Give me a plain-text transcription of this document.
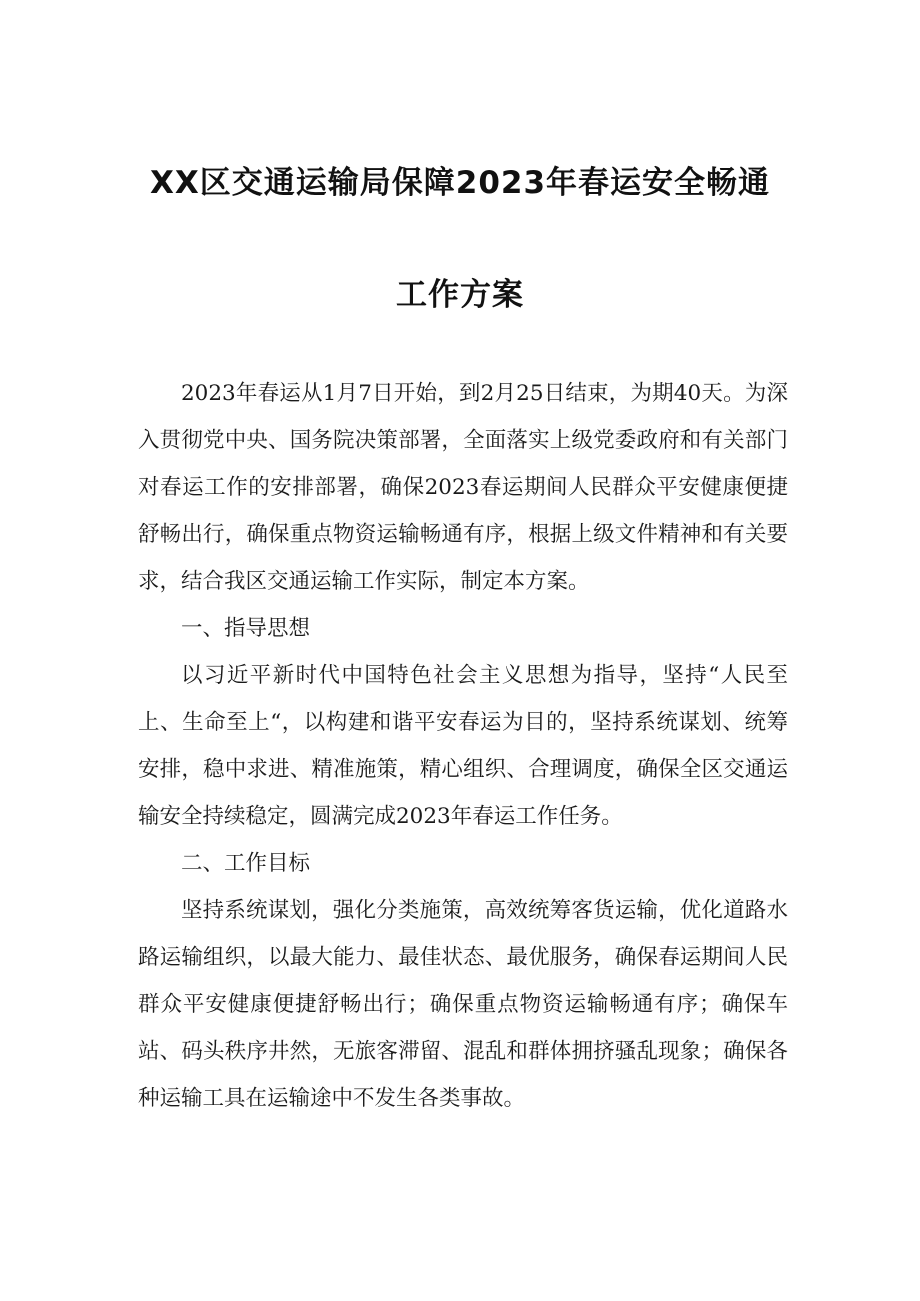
XX区交通运输局保障2023年春运安全畅通
工作方案

2023年春运从1月7日开始，到2月25日结束，为期40天。为深入贯彻党中央、国务院决策部署，全面落实上级党委政府和有关部门对春运工作的安排部署，确保2023春运期间人民群众平安健康便捷舒畅出行，确保重点物资运输畅通有序，根据上级文件精神和有关要求，结合我区交通运输工作实际，制定本方案。

一、指导思想

以习近平新时代中国特色社会主义思想为指导，坚持“人民至上、生命至上“，以构建和谐平安春运为目的，坚持系统谋划、统筹安排，稳中求进、精准施策，精心组织、合理调度，确保全区交通运输安全持续稳定，圆满完成2023年春运工作任务。

二、工作目标

坚持系统谋划，强化分类施策，高效统筹客货运输，优化道路水路运输组织，以最大能力、最佳状态、最优服务，确保春运期间人民群众平安健康便捷舒畅出行；确保重点物资运输畅通有序；确保车站、码头秩序井然，无旅客滞留、混乱和群体拥挤骚乱现象；确保各种运输工具在运输途中不发生各类事故。
